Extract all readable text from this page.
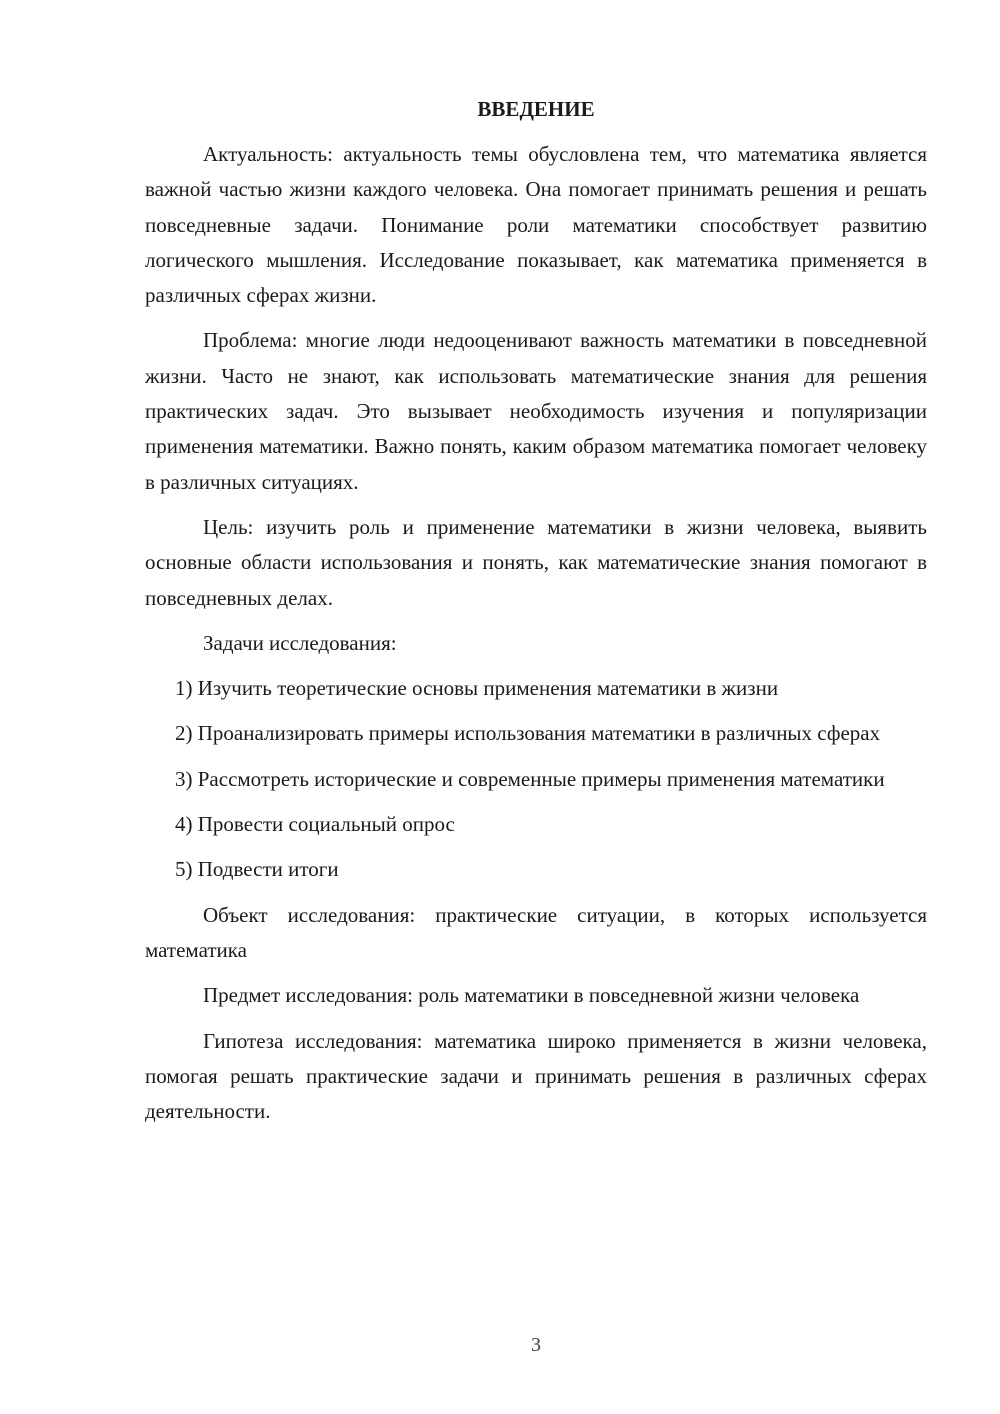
ВВЕДЕНИЕ

Актуальность: актуальность темы обусловлена тем, что математика является важной частью жизни каждого человека. Она помогает принимать решения и решать повседневные задачи. Понимание роли математики способствует развитию логического мышления. Исследование показывает, как математика применяется в различных сферах жизни.

Проблема: многие люди недооценивают важность математики в повседневной жизни. Часто не знают, как использовать математические знания для решения практических задач. Это вызывает необходимость изучения и популяризации применения математики. Важно понять, каким образом математика помогает человеку в различных ситуациях.

Цель: изучить роль и применение математики в жизни человека, выявить основные области использования и понять, как математические знания помогают в повседневных делах.

Задачи исследования:

1) Изучить теоретические основы применения математики в жизни

2) Проанализировать примеры использования математики в различных сферах

3) Рассмотреть исторические и современные примеры применения математики

4) Провести социальный опрос

5) Подвести итоги

Объект исследования: практические ситуации, в которых используется математика

Предмет исследования: роль математики в повседневной жизни человека

Гипотеза исследования: математика широко применяется в жизни человека, помогая решать практические задачи и принимать решения в различных сферах деятельности.

3
